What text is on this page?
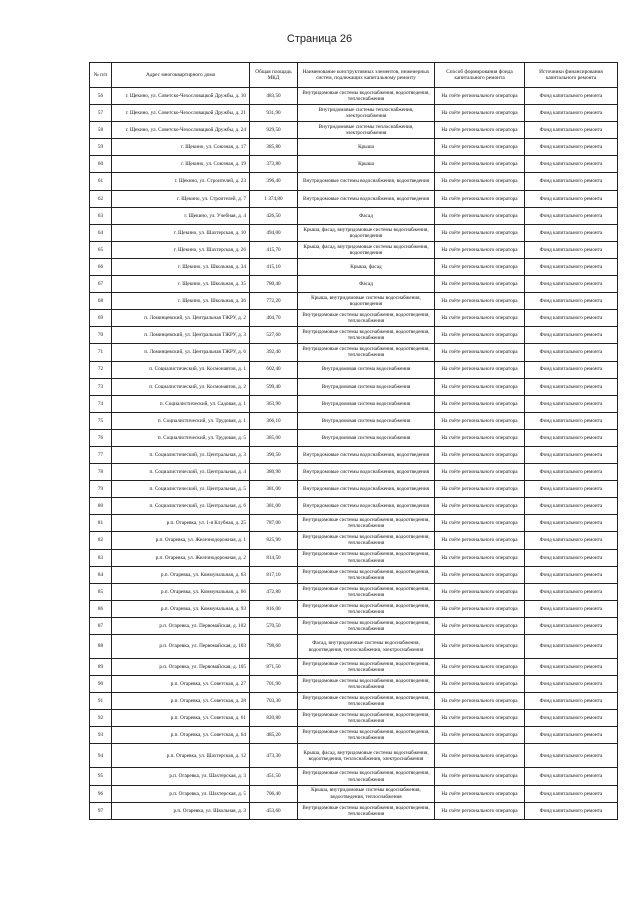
Страница 26
№ п/п	Адрес многоквартирного дома	Общая площадь МКД	Наименование конструктивных элементов, инженерных систем, подлежащих капитальному ремонту	Способ формирования фонда капитального ремонта	Источники финансирования капитального ремонта
56	г. Щекино, ул. Советско-Чехословацкой Дружбы, д. 10	483,50	Внутридомовые системы водоснабжения, водоотведения, теплоснабжения	На счёте регионального оператора	Фонд капитального ремонта
57	г. Щекино, ул. Советско-Чехословацкой Дружбы, д. 21	931,90	Внутридомовые системы теплоснабжения, электроснабжения	На счёте регионального оператора	Фонд капитального ремонта
58	г. Щекино, ул. Советско-Чехословацкой Дружбы, д. 24	929,50	Внутридомовые системы теплоснабжения, электроснабжения	На счёте регионального оператора	Фонд капитального ремонта
59	г. Щекино, ул. Союзная, д. 17	385,80	Крыша	На счёте регионального оператора	Фонд капитального ремонта
60	г. Щекино, ул. Союзная, д. 19	373,80	Крыша	На счёте регионального оператора	Фонд капитального ремонта
61	г. Щекино, ул. Строителей, д. 23	396,40	Внутридомовые системы водоснабжения, водоотведения	На счёте регионального оператора	Фонд капитального ремонта
62	г. Щекино, ул. Строителей, д. 7	1 374,80	Внутридомовые системы водоснабжения, водоотведения	На счёте регионального оператора	Фонд капитального ремонта
63	г. Щекино, ул. Учебная, д. 4	426,50	Фасад	На счёте регионального оператора	Фонд капитального ремонта
64	г. Щекино, ул. Шахтерская, д. 10	494,00	Крыша, фасад, внутридомовые системы водоснабжения, водоотведения	На счёте регионального оператора	Фонд капитального ремонта
65	г. Щекино, ул. Шахтерская, д. 26	415,70	Крыша, фасад, внутридомовые системы водоснабжения, водоотведения	На счёте регионального оператора	Фонд капитального ремонта
66	г. Щекино, ул. Школьная, д. 34	415,10	Крыша, фасад	На счёте регионального оператора	Фонд капитального ремонта
67	г. Щекино, ул. Школьная, д. 35	780,40	Фасад	На счёте регионального оператора	Фонд капитального ремонта
68	г. Щекино, ул. Школьная, д. 36	772,20	Крыша, внутридомовые системы водоснабжения, водоотведения	На счёте регионального оператора	Фонд капитального ремонта
69	п. Ломинцевский, ул. Центральная ТЖРУ, д. 2	404,70	Внутридомовые системы водоснабжения, водоотведения, теплоснабжения	На счёте регионального оператора	Фонд капитального ремонта
70	п. Ломинцевский, ул. Центральная ТЖРУ, д. 3	527,60	Внутридомовые системы водоснабжения, водоотведения, теплоснабжения	На счёте регионального оператора	Фонд капитального ремонта
71	п. Ломинцевский, ул. Центральная ТЖРУ, д. 6	392,40	Внутридомовые системы водоснабжения, водоотведения, теплоснабжения	На счёте регионального оператора	Фонд капитального ремонта
72	п. Социалистический, ул. Космонавтов, д. 1	602,40	Внутридомовая система водоснабжения	На счёте регионального оператора	Фонд капитального ремонта
73	п. Социалистический, ул. Космонавтов, д. 2	599,40	Внутридомовая система водоснабжения	На счёте регионального оператора	Фонд капитального ремонта
74	п. Социалистический, ул. Садовая, д. 1	363,90	Внутридомовая система водоснабжения	На счёте регионального оператора	Фонд капитального ремонта
75	п. Социалистический, ул. Трудовая, д. 1	366,10	Внутридомовая система водоснабжения	На счёте регионального оператора	Фонд капитального ремонта
76	п. Социалистический, ул. Трудовая, д. 5	385,00	Внутридомовая система водоснабжения	На счёте регионального оператора	Фонд капитального ремонта
77	п. Социалистический, ул. Центральная, д. 3	390,50	Внутридомовые системы водоснабжения, водоотведения	На счёте регионального оператора	Фонд капитального ремонта
78	п. Социалистический, ул. Центральная, д. 4	380,90	Внутридомовые системы водоснабжения, водоотведения	На счёте регионального оператора	Фонд капитального ремонта
79	п. Социалистический, ул. Центральная, д. 5	381,00	Внутридомовые системы водоснабжения, водоотведения	На счёте регионального оператора	Фонд капитального ремонта
80	п. Социалистический, ул. Центральная, д. 6	381,00	Внутридомовые системы водоснабжения, водоотведения	На счёте регионального оператора	Фонд капитального ремонта
81	р.п. Огаревка, ул. 1-я Клубная, д. 25	787,00	Внутридомовые системы водоснабжения, водоотведения, теплоснабжения	На счёте регионального оператора	Фонд капитального ремонта
82	р.п. Огаревка, ул. Железнодорожная, д. 1	825,90	Внутридомовые системы водоснабжения, водоотведения, теплоснабжения	На счёте регионального оператора	Фонд капитального ремонта
83	р.п. Огаревка, ул. Железнодорожная, д. 2	814,50	Внутридомовые системы водоснабжения, водоотведения, теплоснабжения	На счёте регионального оператора	Фонд капитального ремонта
84	р.п. Огаревка, ул. Коммунальная, д. 63	817,10	Внутридомовые системы водоснабжения, водоотведения, теплоснабжения	На счёте регионального оператора	Фонд капитального ремонта
85	р.п. Огаревка, ул. Коммунальная, д. 66	472,80	Внутридомовые системы водоснабжения, водоотведения, теплоснабжения	На счёте регионального оператора	Фонд капитального ремонта
86	р.п. Огаревка, ул. Коммунальная, д. 93	816,00	Внутридомовые системы водоснабжения, водоотведения, теплоснабжения	На счёте регионального оператора	Фонд капитального ремонта
87	р.п. Огаревка, ул. Первомайская, д. 102	570,50	Внутридомовые системы водоснабжения, водоотведения, теплоснабжения	На счёте регионального оператора	Фонд капитального ремонта
88	р.п. Огаревка, ул. Первомайская, д. 103	798,60	Фасад, внутридомовые системы водоснабжения, водоотведения, теплоснабжения, электроснабжения	На счёте регионального оператора	Фонд капитального ремонта
89	р.п. Огаревка, ул. Первомайская, д. 105	871,50	Внутридомовые системы водоснабжения, водоотведения, теплоснабжения	На счёте регионального оператора	Фонд капитального ремонта
90	р.п. Огаревка, ул. Советская, д. 27	701,90	Внутридомовые системы водоснабжения, водоотведения, теплоснабжения	На счёте регионального оператора	Фонд капитального ремонта
91	р.п. Огаревка, ул. Советская, д. 28	703,30	Внутридомовые системы водоснабжения, водоотведения, теплоснабжения	На счёте регионального оператора	Фонд капитального ремонта
92	р.п. Огаревка, ул. Советская, д. 61	820,80	Внутридомовые системы водоснабжения, водоотведения, теплоснабжения	На счёте регионального оператора	Фонд капитального ремонта
93	р.п. Огаревка, ул. Советская, д. 64	485,20	Внутридомовые системы водоснабжения, водоотведения, теплоснабжения	На счёте регионального оператора	Фонд капитального ремонта
94	р.п. Огаревка, ул. Шахтерская, д. 12	473,30	Крыша, фасад, внутридомовые системы водоснабжения, водоотведения, теплоснабжения, электроснабжения	На счёте регионального оператора	Фонд капитального ремонта
95	р.п. Огаревка, ул. Шахтерская, д. 3	451,50	Внутридомовые системы водоснабжения, водоотведения, теплоснабжения	На счёте регионального оператора	Фонд капитального ремонта
96	р.п. Огаревка, ул. Шахтерская, д. 5	706,40	Крыша, внутридомовые системы водоснабжения, водоотведения, теплоснабжения	На счёте регионального оператора	Фонд капитального ремонта
97	р.п. Огаревка, ул. Школьная, д. 3	453,60	Внутридомовые системы водоснабжения, водоотведения, теплоснабжения	На счёте регионального оператора	Фонд капитального ремонта
